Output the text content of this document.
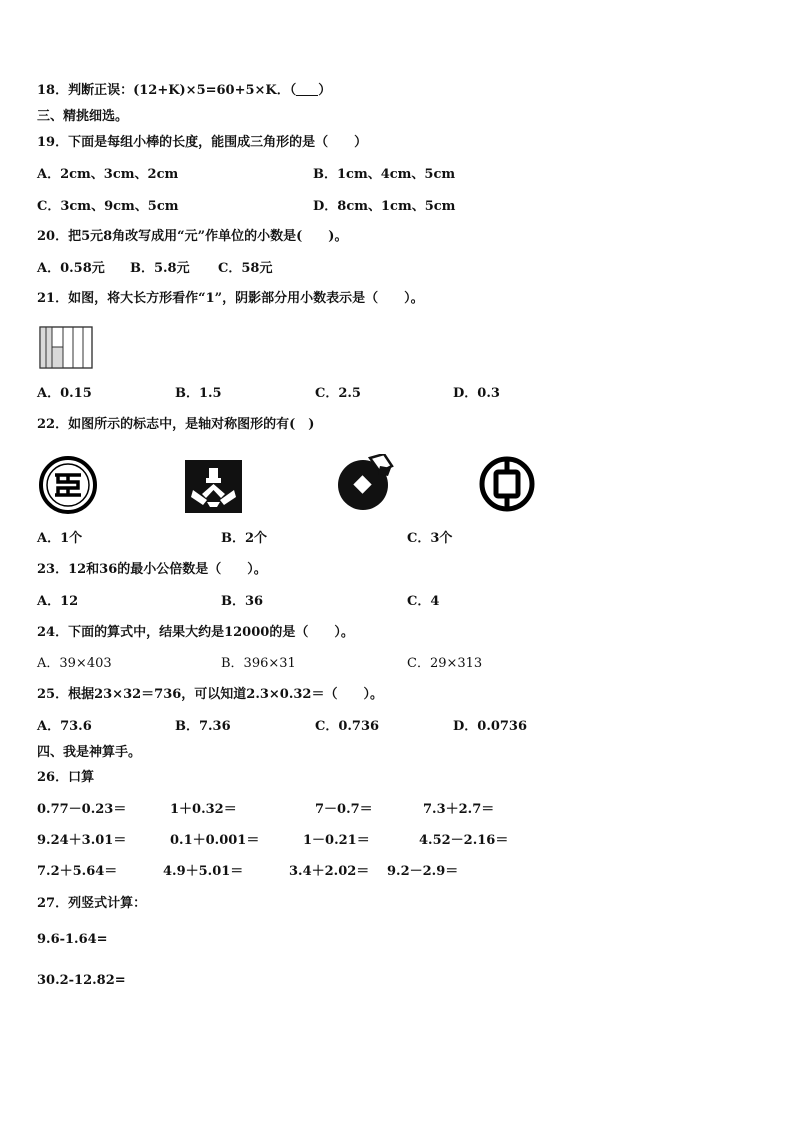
18．判断正误：(12+K)×5=60+5×K．（ ）
三、精挑细选。
19．下面是每组小棒的长度，能围成三角形的是（　　）
A．2cm、3cm、2cm	B．1cm、4cm、5cm
C．3cm、9cm、5cm	D．8cm、1cm、5cm
20．把5元8角改写成用“元”作单位的小数是(　　)。
A．0.58元 B．5.8元 C．58元
21．如图，将大长方形看作“1”，阴影部分用小数表示是（　　）。
A．0.15	B．1.5	C．2.5	D．0.3
22．如图所示的标志中，是轴对称图形的有(　)
A．1个	B．2个	C．3个
23．12和36的最小公倍数是（　　）。
A．12	B．36	C．4
24．下面的算式中，结果大约是12000的是（　　）。
A．39×403	B．396×31	C．29×313
25．根据23×32＝736，可以知道2.3×0.32＝（　　）。
A．73.6	B．7.36	C．0.736	D．0.0736
四、我是神算手。
26．口算
0.77－0.23＝	1＋0.32＝	7－0.7＝	7.3＋2.7＝
9.24＋3.01＝	0.1＋0.001＝	1－0.21＝	4.52－2.16＝
7.2＋5.64＝	4.9＋5.01＝	3.4＋2.02＝ 9.2－2.9＝
27．列竖式计算：
9.6-1.64=
30.2-12.82=
